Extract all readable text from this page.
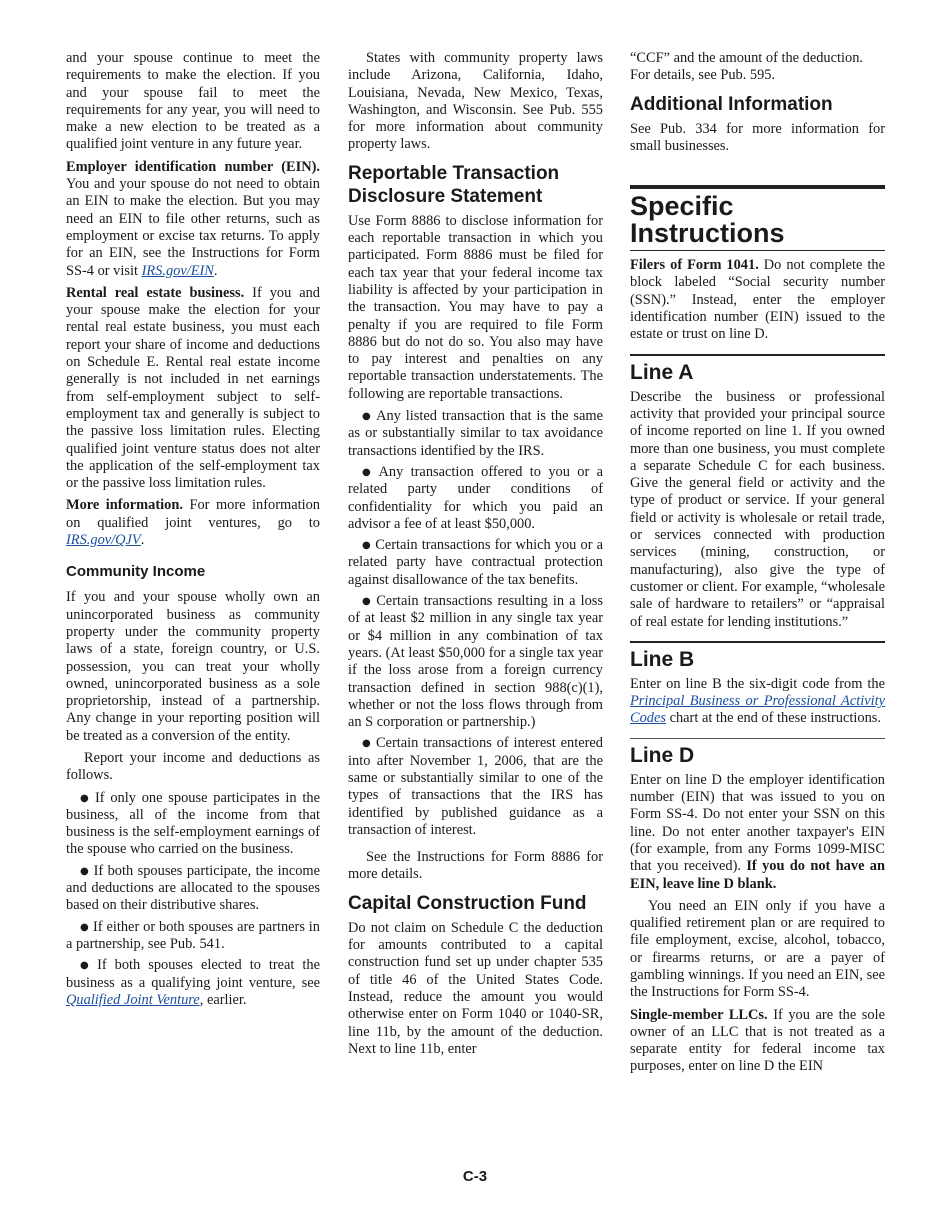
and your spouse continue to meet the requirements to make the election. If you and your spouse fail to meet the requirements for any year, you will need to make a new election to be treated as a qualified joint venture in any future year.

Employer identification number (EIN). You and your spouse do not need to obtain an EIN to make the election. But you may need an EIN to file other returns, such as employment or excise tax returns. To apply for an EIN, see the Instructions for Form SS-4 or visit IRS.gov/EIN.

Rental real estate business. If you and your spouse make the election for your rental real estate business, you must each report your share of income and deductions on Schedule E. Rental real estate income generally is not included in net earnings from self-employment subject to self-employment tax and generally is subject to the passive loss limitation rules. Electing qualified joint venture status does not alter the application of the self-employment tax or the passive loss limitation rules.

More information. For more information on qualified joint ventures, go to IRS.gov/QJV.

Community Income

If you and your spouse wholly own an unincorporated business as community property under the community property laws of a state, foreign country, or U.S. possession, you can treat your wholly owned, unincorporated business as a sole proprietorship, instead of a partnership. Any change in your reporting position will be treated as a conversion of the entity.

Report your income and deductions as follows.

● If only one spouse participates in the business, all of the income from that business is the self-employment earnings of the spouse who carried on the business.

● If both spouses participate, the income and deductions are allocated to the spouses based on their distributive shares.

● If either or both spouses are partners in a partnership, see Pub. 541.

● If both spouses elected to treat the business as a qualifying joint venture, see Qualified Joint Venture, earlier.

States with community property laws include Arizona, California, Idaho, Louisiana, Nevada, New Mexico, Texas, Washington, and Wisconsin. See Pub. 555 for more information about community property laws.

Reportable Transaction Disclosure Statement

Use Form 8886 to disclose information for each reportable transaction in which you participated. Form 8886 must be filed for each tax year that your federal income tax liability is affected by your participation in the transaction. You may have to pay a penalty if you are required to file Form 8886 but do not do so. You also may have to pay interest and penalties on any reportable transaction understatements. The following are reportable transactions.

● Any listed transaction that is the same as or substantially similar to tax avoidance transactions identified by the IRS.

● Any transaction offered to you or a related party under conditions of confidentiality for which you paid an advisor a fee of at least $50,000.

● Certain transactions for which you or a related party have contractual protection against disallowance of the tax benefits.

● Certain transactions resulting in a loss of at least $2 million in any single tax year or $4 million in any combination of tax years. (At least $50,000 for a single tax year if the loss arose from a foreign currency transaction defined in section 988(c)(1), whether or not the loss flows through from an S corporation or partnership.)

● Certain transactions of interest entered into after November 1, 2006, that are the same or substantially similar to one of the types of transactions that the IRS has identified by published guidance as a transaction of interest.

See the Instructions for Form 8886 for more details.

Capital Construction Fund

Do not claim on Schedule C the deduction for amounts contributed to a capital construction fund set up under chapter 535 of title 46 of the United States Code. Instead, reduce the amount you would otherwise enter on Form 1040 or 1040-SR, line 11b, by the amount of the deduction. Next to line 11b, enter

“CCF” and the amount of the deduction. For details, see Pub. 595.

Additional Information

See Pub. 334 for more information for small businesses.

Specific Instructions

Filers of Form 1041. Do not complete the block labeled “Social security number (SSN).” Instead, enter the employer identification number (EIN) issued to the estate or trust on line D.

Line A

Describe the business or professional activity that provided your principal source of income reported on line 1. If you owned more than one business, you must complete a separate Schedule C for each business. Give the general field or activity and the type of product or service. If your general field or activity is wholesale or retail trade, or services connected with production services (mining, construction, or manufacturing), also give the type of customer or client. For example, “wholesale sale of hardware to retailers” or “appraisal of real estate for lending institutions.”

Line B

Enter on line B the six-digit code from the Principal Business or Professional Activity Codes chart at the end of these instructions.

Line D

Enter on line D the employer identification number (EIN) that was issued to you on Form SS-4. Do not enter your SSN on this line. Do not enter another taxpayer's EIN (for example, from any Forms 1099-MISC that you received). If you do not have an EIN, leave line D blank.

You need an EIN only if you have a qualified retirement plan or are required to file employment, excise, alcohol, tobacco, or firearms returns, or are a payer of gambling winnings. If you need an EIN, see the Instructions for Form SS-4.

Single-member LLCs. If you are the sole owner of an LLC that is not treated as a separate entity for federal income tax purposes, enter on line D the EIN

C-3
